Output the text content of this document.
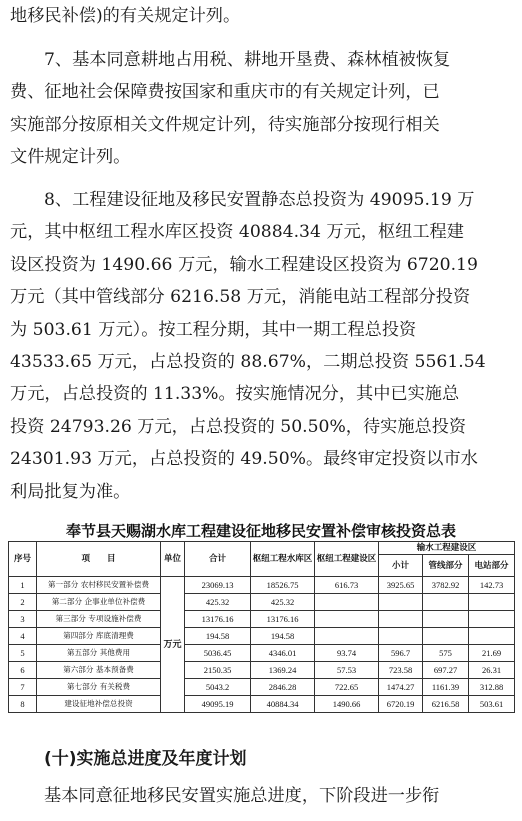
地移民补偿)的有关规定计列。
7、基本同意耕地占用税、耕地开垦费、森林植被恢复
费、征地社会保障费按国家和重庆市的有关规定计列，已
实施部分按原相关文件规定计列，待实施部分按现行相关
文件规定计列。
8、工程建设征地及移民安置静态总投资为 49095.19 万
元，其中枢纽工程水库区投资 40884.34 万元，枢纽工程建
设区投资为 1490.66 万元，输水工程建设区投资为 6720.19
万元（其中管线部分 6216.58 万元，消能电站工程部分投资
为 503.61 万元）。按工程分期，其中一期工程总投资
43533.65 万元，占总投资的 88.67%，二期总投资 5561.54
万元，占总投资的 11.33%。按实施情况分，其中已实施总
投资 24793.26 万元，占总投资的 50.50%，待实施总投资
24301.93 万元，占总投资的 49.50%。最终审定投资以市水
利局批复为准。
奉节县天赐湖水库工程建设征地移民安置补偿审核投资总表
序号	项　　目	单位	合计	枢纽工程水库区	枢纽工程建设区	输水工程建设区		
						小计	管线部分	电站部分
1	第一部分 农村移民安置补偿费	万元	23069.13	18526.75	616.73	3925.65	3782.92	142.73
2	第二部分 企事业单位补偿费		425.32	425.32				
3	第三部分 专项设施补偿费		13176.16	13176.16				
4	第四部分 库底清理费		194.58	194.58				
5	第五部分 其他费用		5036.45	4346.01	93.74	596.7	575	21.69
6	第六部分 基本预备费		2150.35	1369.24	57.53	723.58	697.27	26.31
7	第七部分 有关税费		5043.2	2846.28	722.65	1474.27	1161.39	312.88
8	建设征地补偿总投资		49095.19	40884.34	1490.66	6720.19	6216.58	503.61
(十)实施总进度及年度计划
基本同意征地移民安置实施总进度，下阶段进一步衔
